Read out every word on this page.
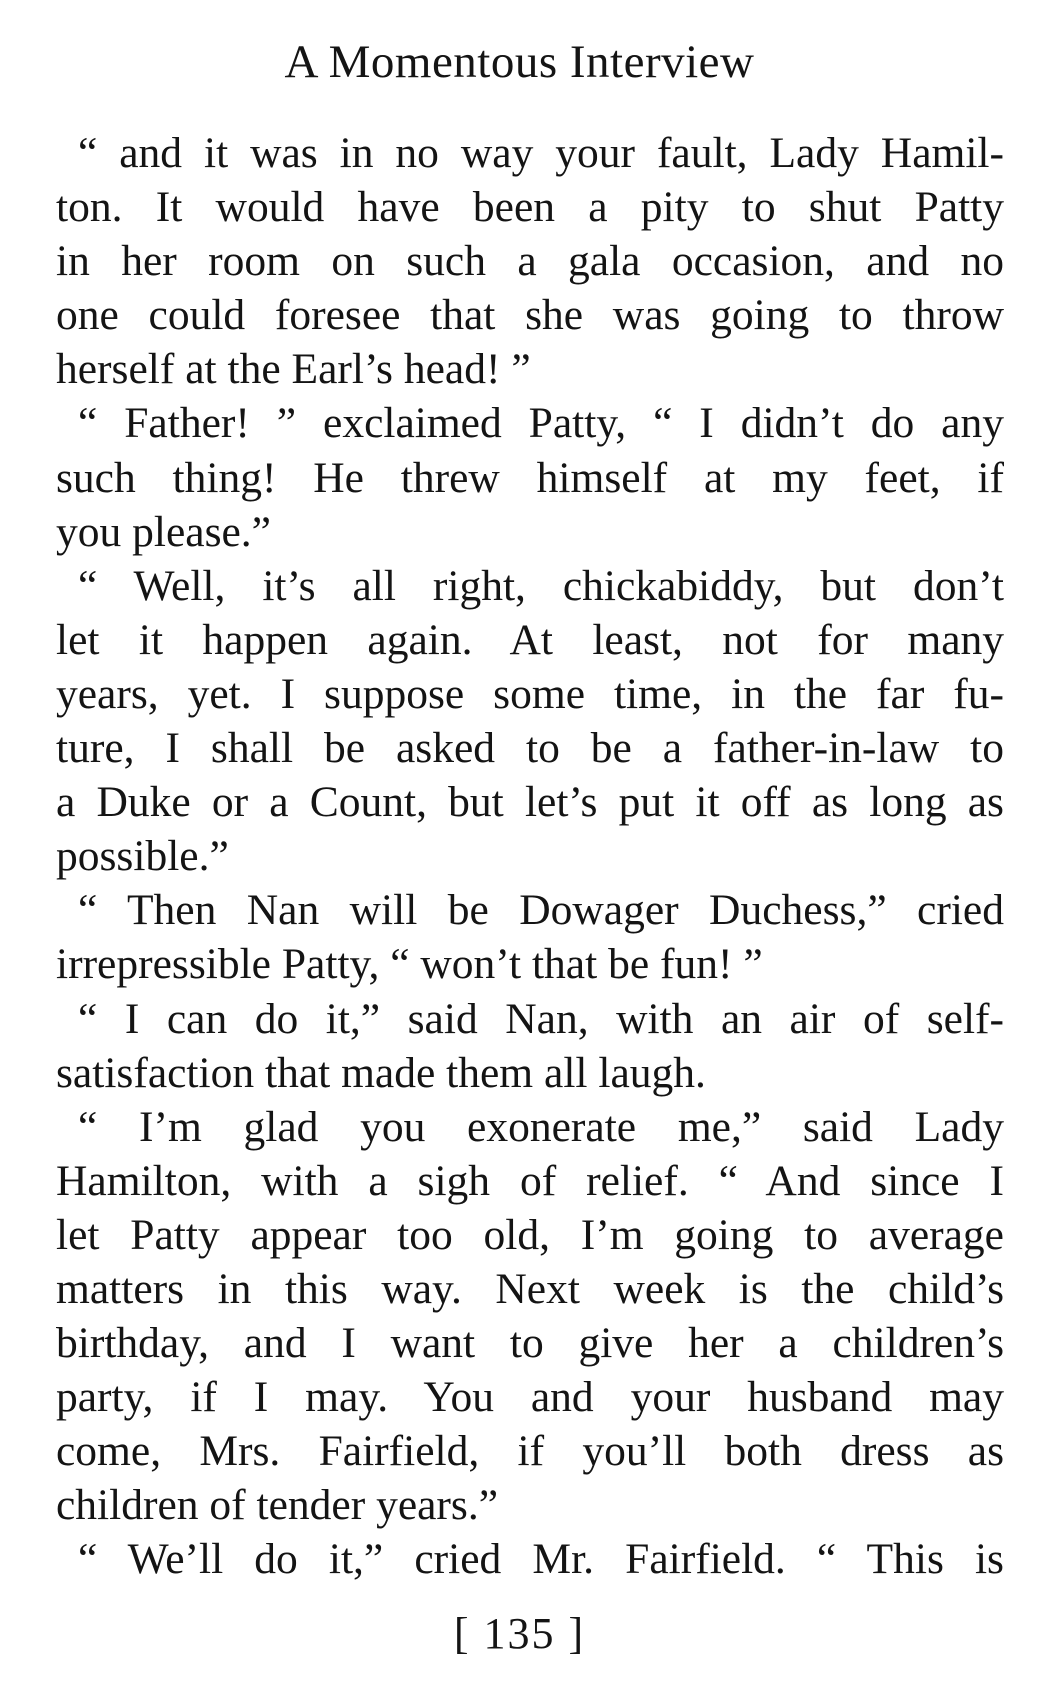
A Momentous Interview
“ and it was in no way your fault, Lady Hamil-
ton. It would have been a pity to shut Patty
in her room on such a gala occasion, and no
one could foresee that she was going to throw
herself at the Earl’s head! ”
“ Father! ” exclaimed Patty, “ I didn’t do any
such thing! He threw himself at my feet, if
you please.”
“ Well, it’s all right, chickabiddy, but don’t
let it happen again. At least, not for many
years, yet. I suppose some time, in the far fu-
ture, I shall be asked to be a father-in-law to
a Duke or a Count, but let’s put it off as long as
possible.”
“ Then Nan will be Dowager Duchess,” cried
irrepressible Patty, “ won’t that be fun! ”
“ I can do it,” said Nan, with an air of self-
satisfaction that made them all laugh.
“ I’m glad you exonerate me,” said Lady
Hamilton, with a sigh of relief. “ And since I
let Patty appear too old, I’m going to average
matters in this way. Next week is the child’s
birthday, and I want to give her a children’s
party, if I may. You and your husband may
come, Mrs. Fairfield, if you’ll both dress as
children of tender years.”
“ We’ll do it,” cried Mr. Fairfield. “ This is
[ 135 ]
